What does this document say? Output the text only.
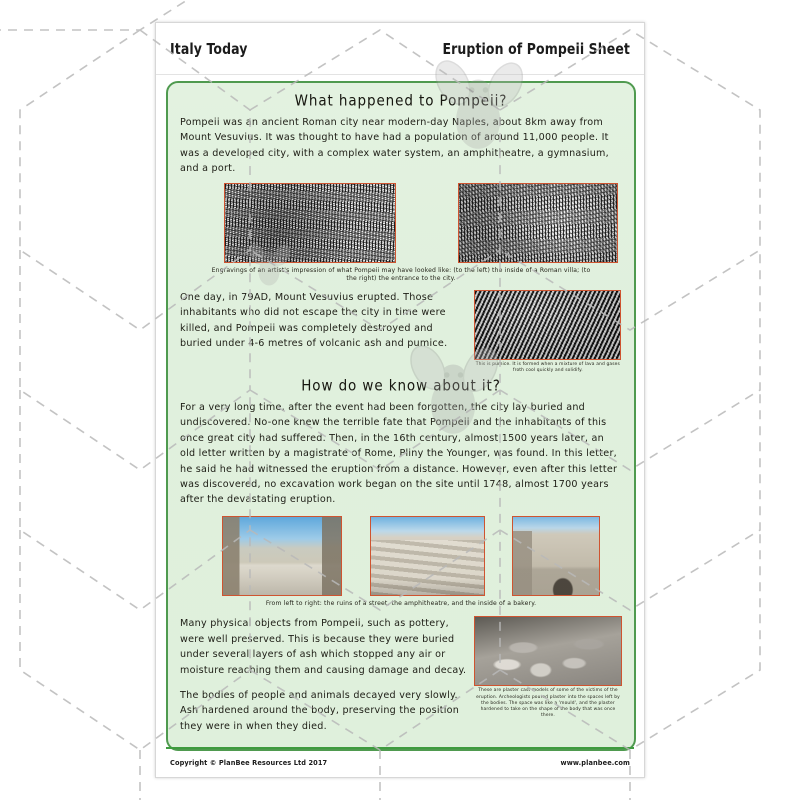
Italy Today	Eruption of Pompeii Sheet
What happened to Pompeii?

Pompeii was an ancient Roman city near modern-day Naples, about 8km away from Mount Vesuvius. It was thought to have had a population of around 11,000 people. It was a developed city, with a complex water system, an amphitheatre, a gymnasium, and a port.

Engravings of an artist's impression of what Pompeii may have looked like: (to the left) the inside of a Roman villa; (to the right) the entrance to the city.

One day, in 79AD, Mount Vesuvius erupted. Those inhabitants who did not escape the city in time were killed, and Pompeii was completely destroyed and buried under 4-6 metres of volcanic ash and pumice.

This is pumice. It is formed when a mixture of lava and gases froth cool quickly and solidify.

How do we know about it?

For a very long time, after the event had been forgotten, the city lay buried and undiscovered. No-one knew the terrible fate that Pompeii and the inhabitants of this once great city had suffered. Then, in the 16th century, almost 1500 years later, an old letter written by a magistrate of Rome, Pliny the Younger, was found. In this letter, he said he had witnessed the eruption from a distance. However, even after this letter was discovered, no excavation work began on the site until 1748, almost 1700 years after the devastating eruption.

From left to right: the ruins of a street, the amphitheatre, and the inside of a bakery.

Many physical objects from Pompeii, such as pottery, were well preserved. This is because they were buried under several layers of ash which stopped any air or moisture reaching them and causing damage and decay.

The bodies of people and animals decayed very slowly. Ash hardened around the body, preserving the position they were in when they died.

These are plaster cast models of some of the victims of the eruption. Archeologists poured plaster into the spaces left by the bodies. The space was like a 'mould', and the plaster hardened to take on the shape of the body that was once there.

Copyright © PlanBee Resources Ltd 2017	www.planbee.com
